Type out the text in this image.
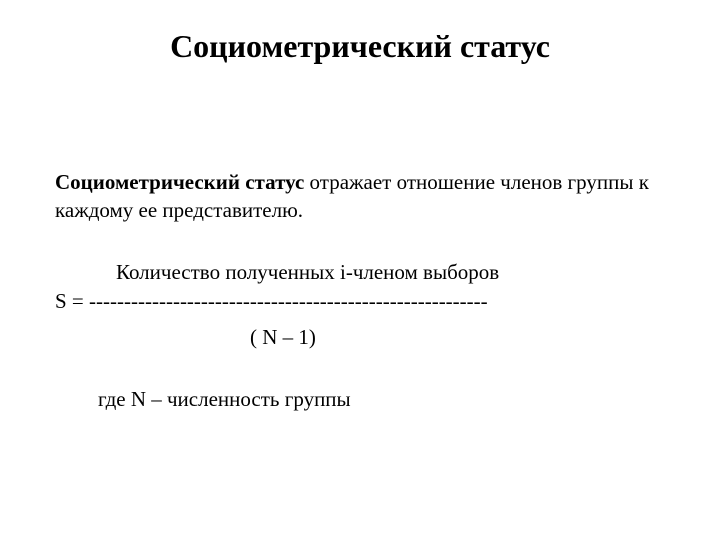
Социометрический статус
Социометрический статус отражает отношение членов группы к каждому ее представителю.
Количество полученных i-членом выборов
S = ---------------------------------------------------------
( N – 1)
где N – численность группы
